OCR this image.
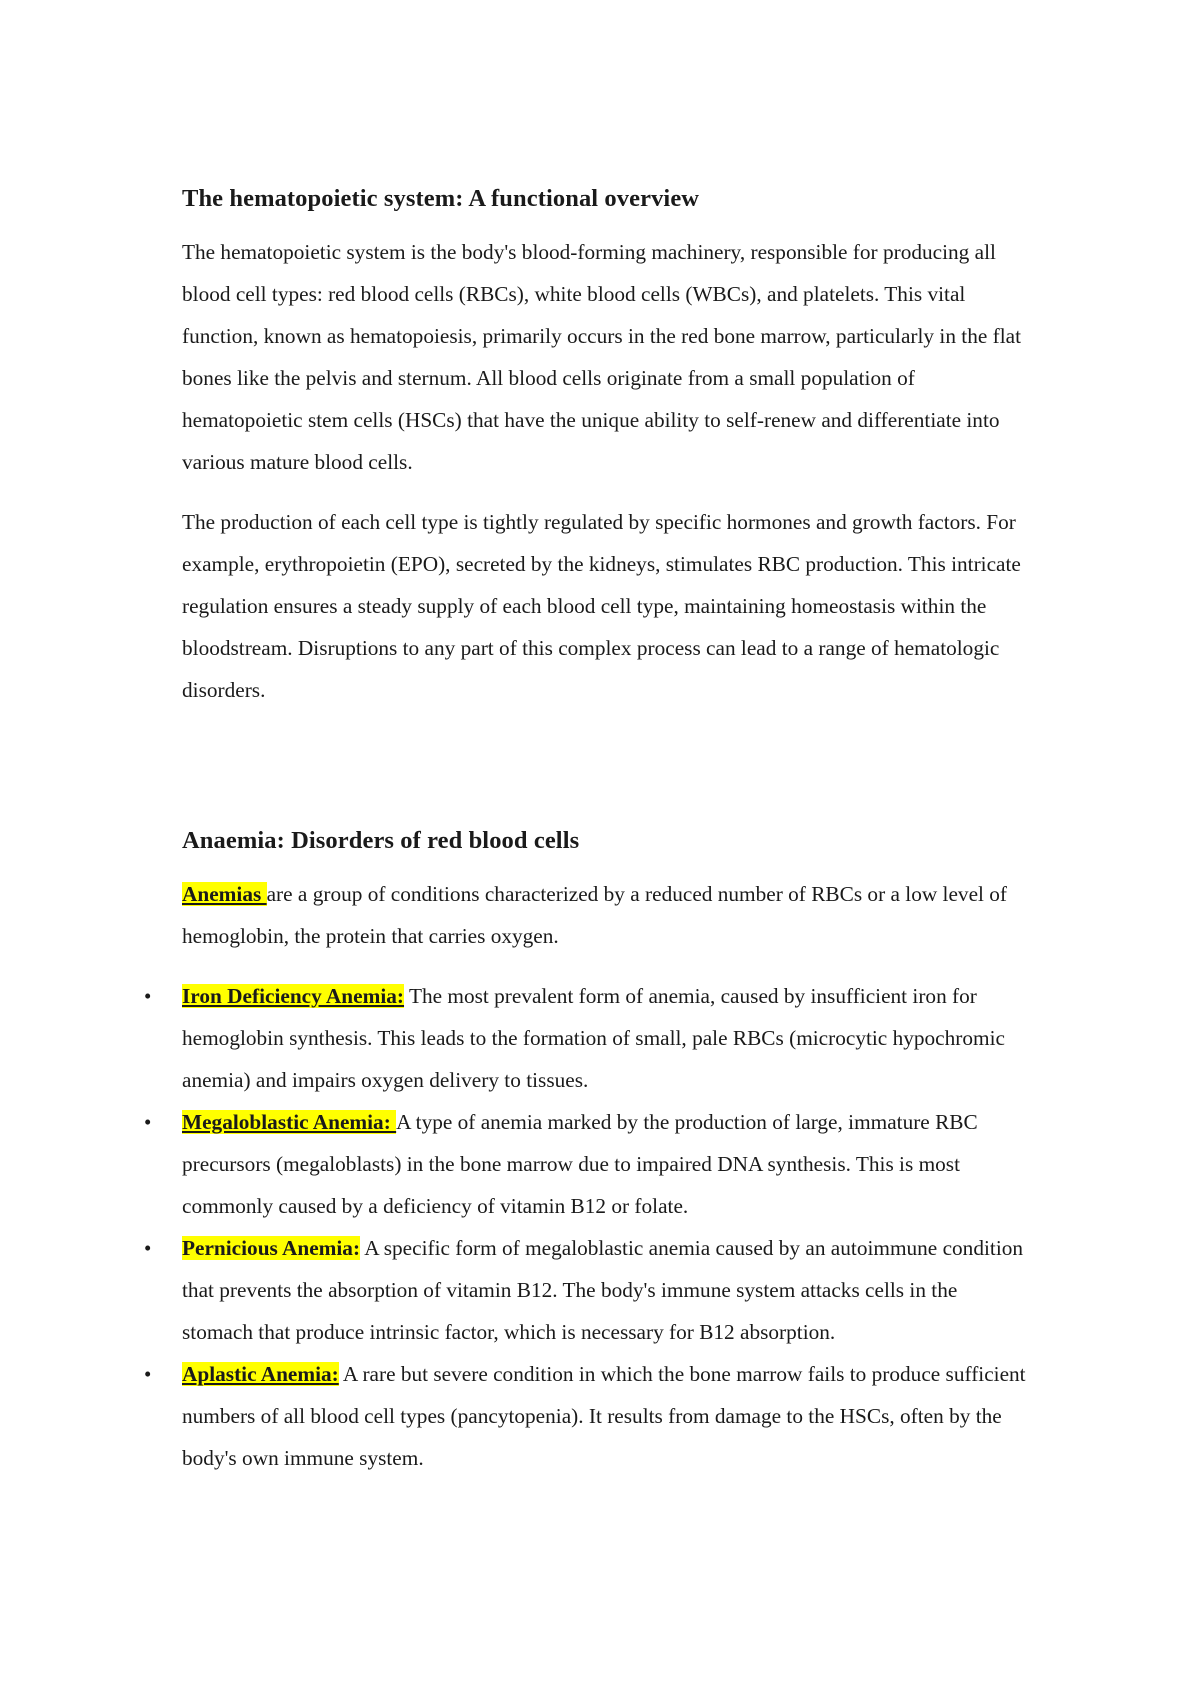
The hematopoietic system: A functional overview

The hematopoietic system is the body's blood-forming machinery, responsible for producing all blood cell types: red blood cells (RBCs), white blood cells (WBCs), and platelets. This vital function, known as hematopoiesis, primarily occurs in the red bone marrow, particularly in the flat bones like the pelvis and sternum. All blood cells originate from a small population of hematopoietic stem cells (HSCs) that have the unique ability to self-renew and differentiate into various mature blood cells.

The production of each cell type is tightly regulated by specific hormones and growth factors. For example, erythropoietin (EPO), secreted by the kidneys, stimulates RBC production. This intricate regulation ensures a steady supply of each blood cell type, maintaining homeostasis within the bloodstream. Disruptions to any part of this complex process can lead to a range of hematologic disorders.

Anaemia: Disorders of red blood cells

Anemias are a group of conditions characterized by a reduced number of RBCs or a low level of hemoglobin, the protein that carries oxygen.

• Iron Deficiency Anemia: The most prevalent form of anemia, caused by insufficient iron for hemoglobin synthesis. This leads to the formation of small, pale RBCs (microcytic hypochromic anemia) and impairs oxygen delivery to tissues.
• Megaloblastic Anemia: A type of anemia marked by the production of large, immature RBC precursors (megaloblasts) in the bone marrow due to impaired DNA synthesis. This is most commonly caused by a deficiency of vitamin B12 or folate.
• Pernicious Anemia: A specific form of megaloblastic anemia caused by an autoimmune condition that prevents the absorption of vitamin B12. The body's immune system attacks cells in the stomach that produce intrinsic factor, which is necessary for B12 absorption.
• Aplastic Anemia: A rare but severe condition in which the bone marrow fails to produce sufficient numbers of all blood cell types (pancytopenia). It results from damage to the HSCs, often by the body's own immune system.
